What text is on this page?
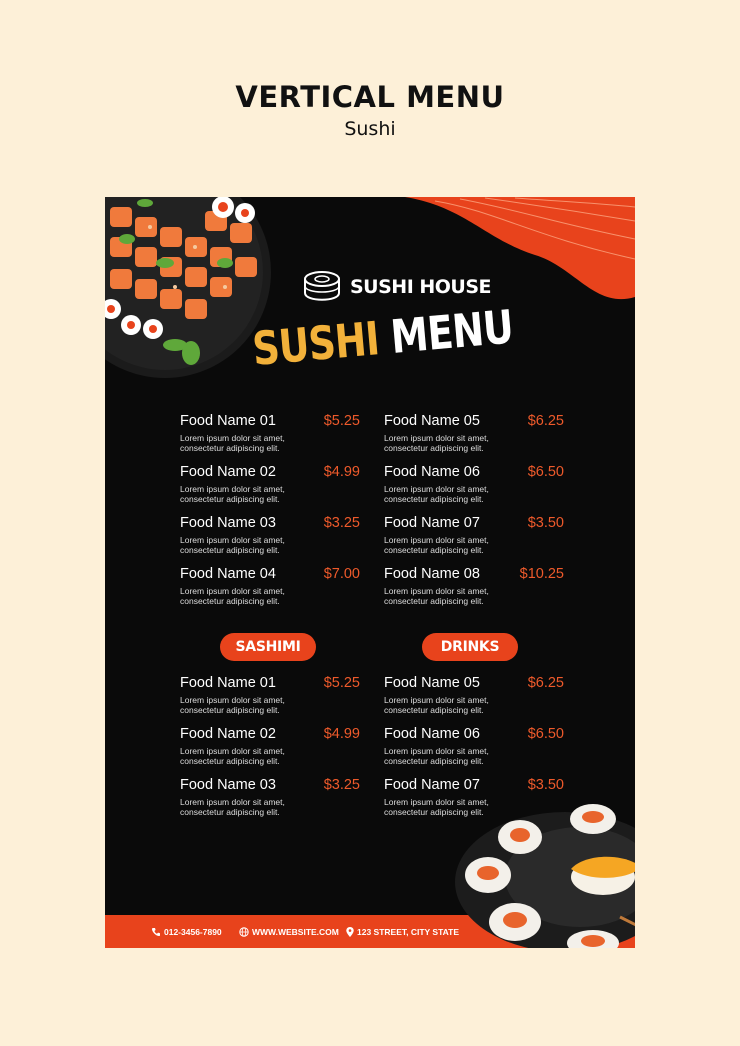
VERTICAL MENU
Sushi
SUSHI HOUSE
SUSHI MENU
Food Name 01	$5.25
Lorem ipsum dolor sit amet, consectetur adipiscing elit.
Food Name 02	$4.99
Lorem ipsum dolor sit amet, consectetur adipiscing elit.
Food Name 03	$3.25
Lorem ipsum dolor sit amet, consectetur adipiscing elit.
Food Name 04	$7.00
Lorem ipsum dolor sit amet, consectetur adipiscing elit.
Food Name 05	$6.25
Lorem ipsum dolor sit amet, consectetur adipiscing elit.
Food Name 06	$6.50
Lorem ipsum dolor sit amet, consectetur adipiscing elit.
Food Name 07	$3.50
Lorem ipsum dolor sit amet, consectetur adipiscing elit.
Food Name 08	$10.25
Lorem ipsum dolor sit amet, consectetur adipiscing elit.
SASHIMI	DRINKS
Food Name 01	$5.25
Lorem ipsum dolor sit amet, consectetur adipiscing elit.
Food Name 02	$4.99
Lorem ipsum dolor sit amet, consectetur adipiscing elit.
Food Name 03	$3.25
Lorem ipsum dolor sit amet, consectetur adipiscing elit.
Food Name 05	$6.25
Lorem ipsum dolor sit amet, consectetur adipiscing elit.
Food Name 06	$6.50
Lorem ipsum dolor sit amet, consectetur adipiscing elit.
Food Name 07	$3.50
Lorem ipsum dolor sit amet, consectetur adipiscing elit.
012-3456-7890	WWW.WEBSITE.COM 123 STREET, CITY STATE
